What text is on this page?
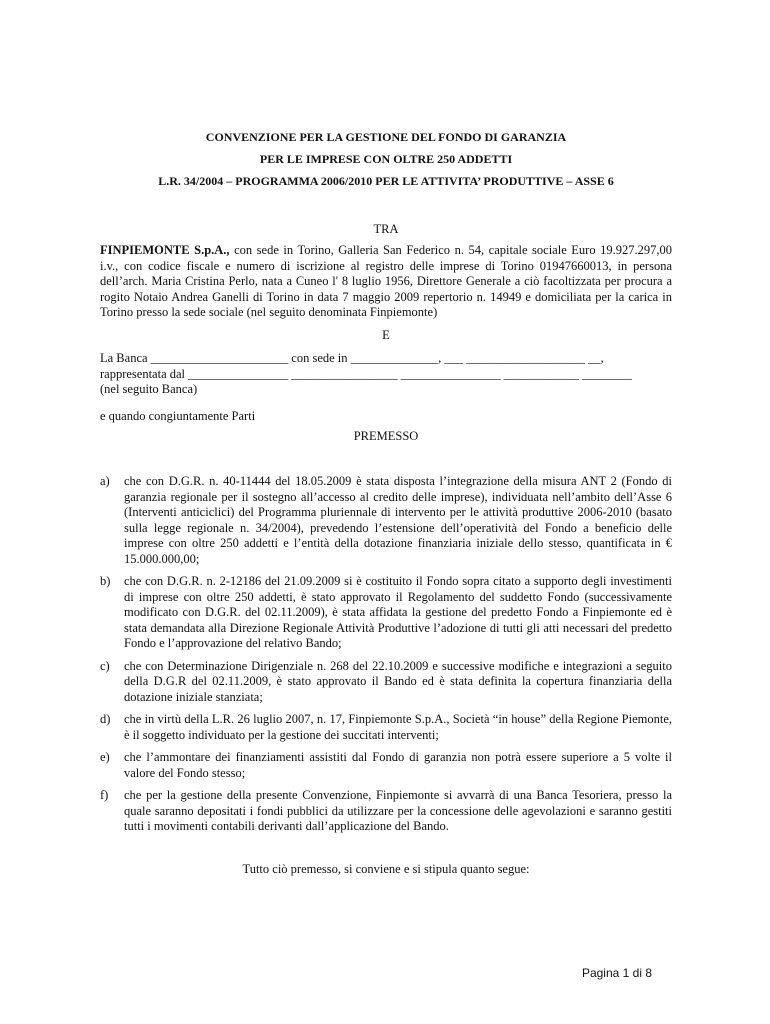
CONVENZIONE PER LA GESTIONE DEL FONDO DI GARANZIA
PER LE IMPRESE CON OLTRE 250 ADDETTI
L.R. 34/2004 – PROGRAMMA 2006/2010 PER LE ATTIVITA’ PRODUTTIVE – ASSE 6
TRA

FINPIEMONTE S.p.A., con sede in Torino, Galleria San Federico n. 54, capitale sociale Euro 19.927.297,00 i.v., con codice fiscale e numero di iscrizione al registro delle imprese di Torino 01947660013, in persona dell’arch. Maria Cristina Perlo, nata a Cuneo l' 8 luglio 1956, Direttore Generale a ciò facoltizzata per procura a rogito Notaio Andrea Ganelli di Torino in data 7 maggio 2009 repertorio n. 14949 e domiciliata per la carica in Torino presso la sede sociale (nel seguito denominata Finpiemonte)

E
La Banca ______________________ con sede in ______________, ___ ___________________ __,
rappresentata dal ________________ _________________ ________________ ____________ ________
(nel seguito Banca)
e quando congiuntamente Parti
PREMESSO
a)	che con D.G.R. n. 40-11444 del 18.05.2009 è stata disposta l’integrazione della misura ANT 2 (Fondo di garanzia regionale per il sostegno all’accesso al credito delle imprese), individuata nell’ambito dell’Asse 6 (Interventi anticiclici) del Programma pluriennale di intervento per le attività produttive 2006-2010 (basato sulla legge regionale n. 34/2004), prevedendo l’estensione dell’operatività del Fondo a beneficio delle imprese con oltre 250 addetti e l’entità della dotazione finanziaria iniziale dello stesso, quantificata in € 15.000.000,00;
b)	che con D.G.R. n. 2-12186 del 21.09.2009 si è costituito il Fondo sopra citato a supporto degli investimenti di imprese con oltre 250 addetti, è stato approvato il Regolamento del suddetto Fondo (successivamente modificato con D.G.R. del 02.11.2009), è stata affidata la gestione del predetto Fondo a Finpiemonte ed è stata demandata alla Direzione Regionale Attività Produttive l’adozione di tutti gli atti necessari del predetto Fondo e l’approvazione del relativo Bando;
c)	che con Determinazione Dirigenziale n. 268 del 22.10.2009 e successive modifiche e integrazioni a seguito della D.G.R del 02.11.2009, è stato approvato il Bando ed è stata definita la copertura finanziaria della dotazione iniziale stanziata;
d)	che in virtù della L.R. 26 luglio 2007, n. 17, Finpiemonte S.p.A., Società “in house” della Regione Piemonte, è il soggetto individuato per la gestione dei succitati interventi;
e)	che l’ammontare dei finanziamenti assistiti dal Fondo di garanzia non potrà essere superiore a 5 volte il valore del Fondo stesso;
f)	che per la gestione della presente Convenzione, Finpiemonte si avvarrà di una Banca Tesoriera, presso la quale saranno depositati i fondi pubblici da utilizzare per la concessione delle agevolazioni e saranno gestiti tutti i movimenti contabili derivanti dall’applicazione del Bando.
Tutto ciò premesso, si conviene e si stipula quanto segue:
Pagina 1 di 8
